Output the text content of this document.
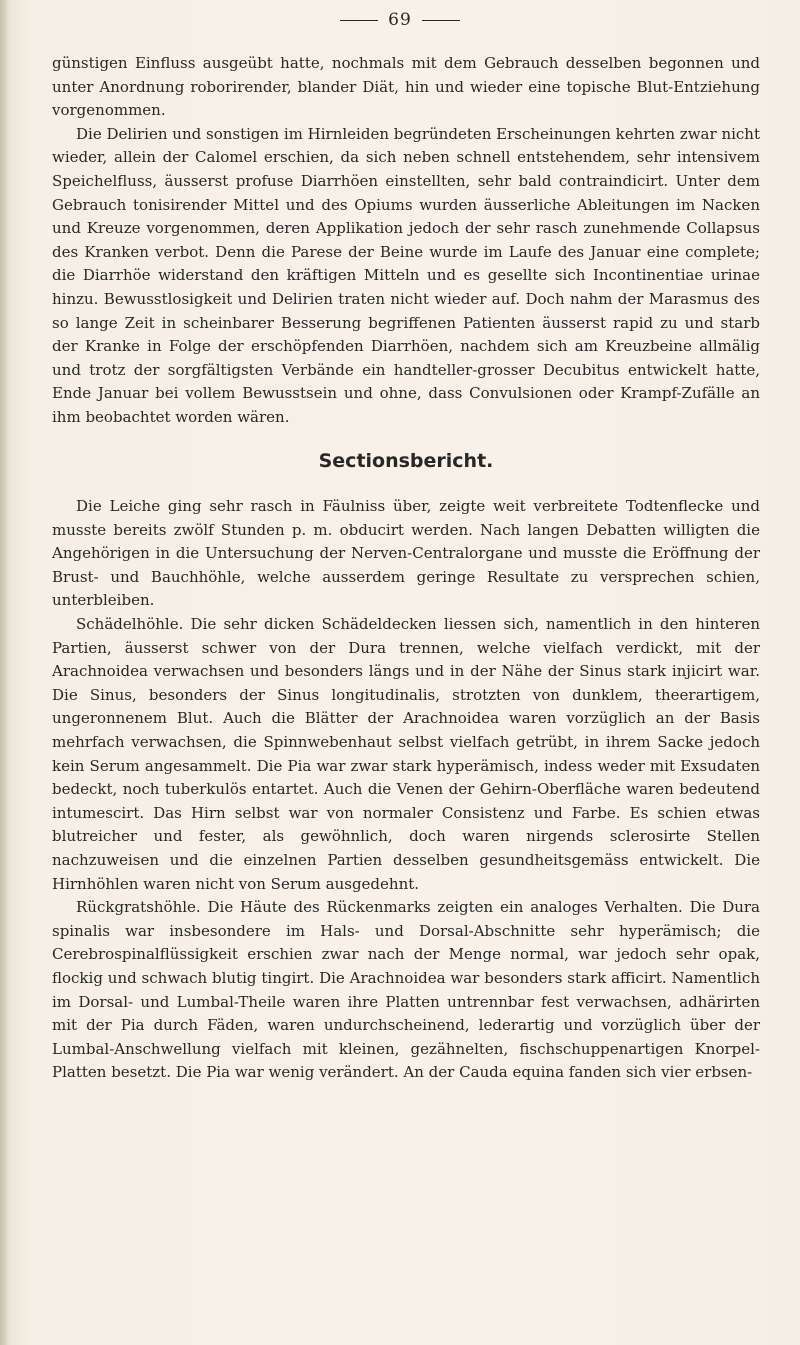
69

günstigen Einfluss ausgeübt hatte, nochmals mit dem Gebrauch desselben begonnen und unter Anordnung roborirender, blander Diät, hin und wieder eine topische Blut-Entziehung vorgenommen.

Die Delirien und sonstigen im Hirnleiden begründeten Erscheinungen kehrten zwar nicht wieder, allein der Calomel erschien, da sich neben schnell entstehendem, sehr intensivem Speichelfluss, äusserst profuse Diarrhöen einstellten, sehr bald contraindicirt. Unter dem Gebrauch tonisirender Mittel und des Opiums wurden äusserliche Ableitungen im Nacken und Kreuze vorgenommen, deren Applikation jedoch der sehr rasch zunehmende Collapsus des Kranken verbot. Denn die Parese der Beine wurde im Laufe des Januar eine complete; die Diarrhöe widerstand den kräftigen Mitteln und es gesellte sich Incontinentiae urinae hinzu. Bewusstlosigkeit und Delirien traten nicht wieder auf. Doch nahm der Marasmus des so lange Zeit in scheinbarer Besserung begriffenen Patienten äusserst rapid zu und starb der Kranke in Folge der erschöpfenden Diarrhöen, nachdem sich am Kreuzbeine allmälig und trotz der sorgfältigsten Verbände ein handteller-grosser Decubitus entwickelt hatte, Ende Januar bei vollem Bewusstsein und ohne, dass Convulsionen oder Krampf-Zufälle an ihm beobachtet worden wären.

Sectionsbericht.

Die Leiche ging sehr rasch in Fäulniss über, zeigte weit verbreitete Todtenflecke und musste bereits zwölf Stunden p. m. obducirt werden. Nach langen Debatten willigten die Angehörigen in die Untersuchung der Nerven-Centralorgane und musste die Eröffnung der Brust- und Bauchhöhle, welche ausserdem geringe Resultate zu versprechen schien, unterbleiben.

Schädelhöhle. Die sehr dicken Schädeldecken liessen sich, namentlich in den hinteren Partien, äusserst schwer von der Dura trennen, welche vielfach verdickt, mit der Arachnoidea verwachsen und besonders längs und in der Nähe der Sinus stark injicirt war. Die Sinus, besonders der Sinus longitudinalis, strotzten von dunklem, theerartigem, ungeronnenem Blut. Auch die Blätter der Arachnoidea waren vorzüglich an der Basis mehrfach verwachsen, die Spinnwebenhaut selbst vielfach getrübt, in ihrem Sacke jedoch kein Serum angesammelt. Die Pia war zwar stark hyperämisch, indess weder mit Exsudaten bedeckt, noch tuberkulös entartet. Auch die Venen der Gehirn-Oberfläche waren bedeutend intumescirt. Das Hirn selbst war von normaler Consistenz und Farbe. Es schien etwas blutreicher und fester, als gewöhnlich, doch waren nirgends sclerosirte Stellen nachzuweisen und die einzelnen Partien desselben gesundheitsgemäss entwickelt. Die Hirnhöhlen waren nicht von Serum ausgedehnt.

Rückgratshöhle. Die Häute des Rückenmarks zeigten ein analoges Verhalten. Die Dura spinalis war insbesondere im Hals- und Dorsal-Abschnitte sehr hyperämisch; die Cerebrospinalflüssigkeit erschien zwar nach der Menge normal, war jedoch sehr opak, flockig und schwach blutig tingirt. Die Arachnoidea war besonders stark afficirt. Namentlich im Dorsal- und Lumbal-Theile waren ihre Platten untrennbar fest verwachsen, adhärirten mit der Pia durch Fäden, waren undurchscheinend, lederartig und vorzüglich über der Lumbal-Anschwellung vielfach mit kleinen, gezähnelten, fischschuppenartigen Knorpel-Platten besetzt. Die Pia war wenig verändert. An der Cauda equina fanden sich vier erbsen-
